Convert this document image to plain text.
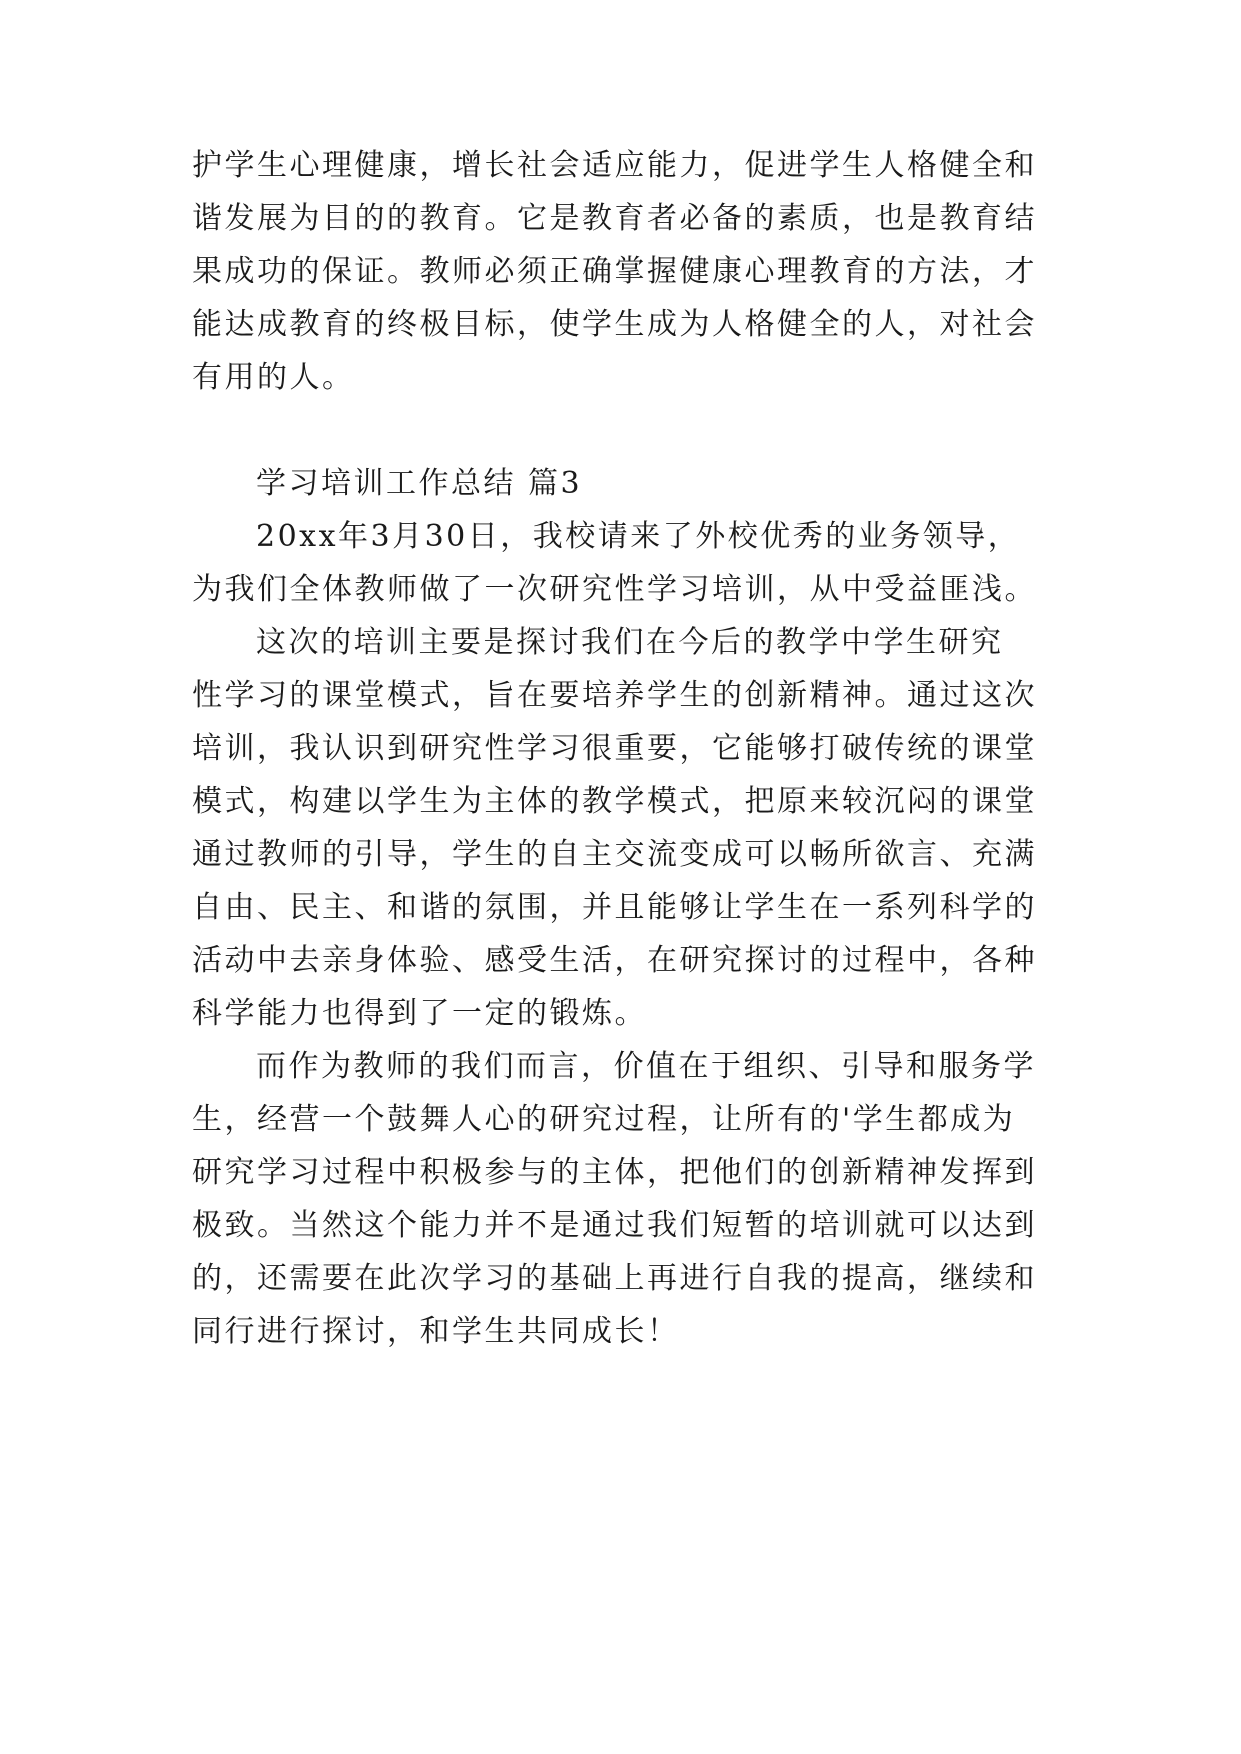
护学生心理健康，增长社会适应能力，促进学生人格健全和

谐发展为目的的教育。它是教育者必备的素质，也是教育结

果成功的保证。教师必须正确掌握健康心理教育的方法，才

能达成教育的终极目标，使学生成为人格健全的人，对社会

有用的人。

学习培训工作总结 篇3

20xx年3月30日，我校请来了外校优秀的业务领导，

为我们全体教师做了一次研究性学习培训，从中受益匪浅。

这次的培训主要是探讨我们在今后的教学中学生研究

性学习的课堂模式，旨在要培养学生的创新精神。通过这次

培训，我认识到研究性学习很重要，它能够打破传统的课堂

模式，构建以学生为主体的教学模式，把原来较沉闷的课堂

通过教师的引导，学生的自主交流变成可以畅所欲言、充满

自由、民主、和谐的氛围，并且能够让学生在一系列科学的

活动中去亲身体验、感受生活，在研究探讨的过程中，各种

科学能力也得到了一定的锻炼。

而作为教师的我们而言，价值在于组织、引导和服务学

生，经营一个鼓舞人心的研究过程，让所有的'学生都成为

研究学习过程中积极参与的主体，把他们的创新精神发挥到

极致。当然这个能力并不是通过我们短暂的培训就可以达到

的，还需要在此次学习的基础上再进行自我的提高，继续和

同行进行探讨，和学生共同成长！
